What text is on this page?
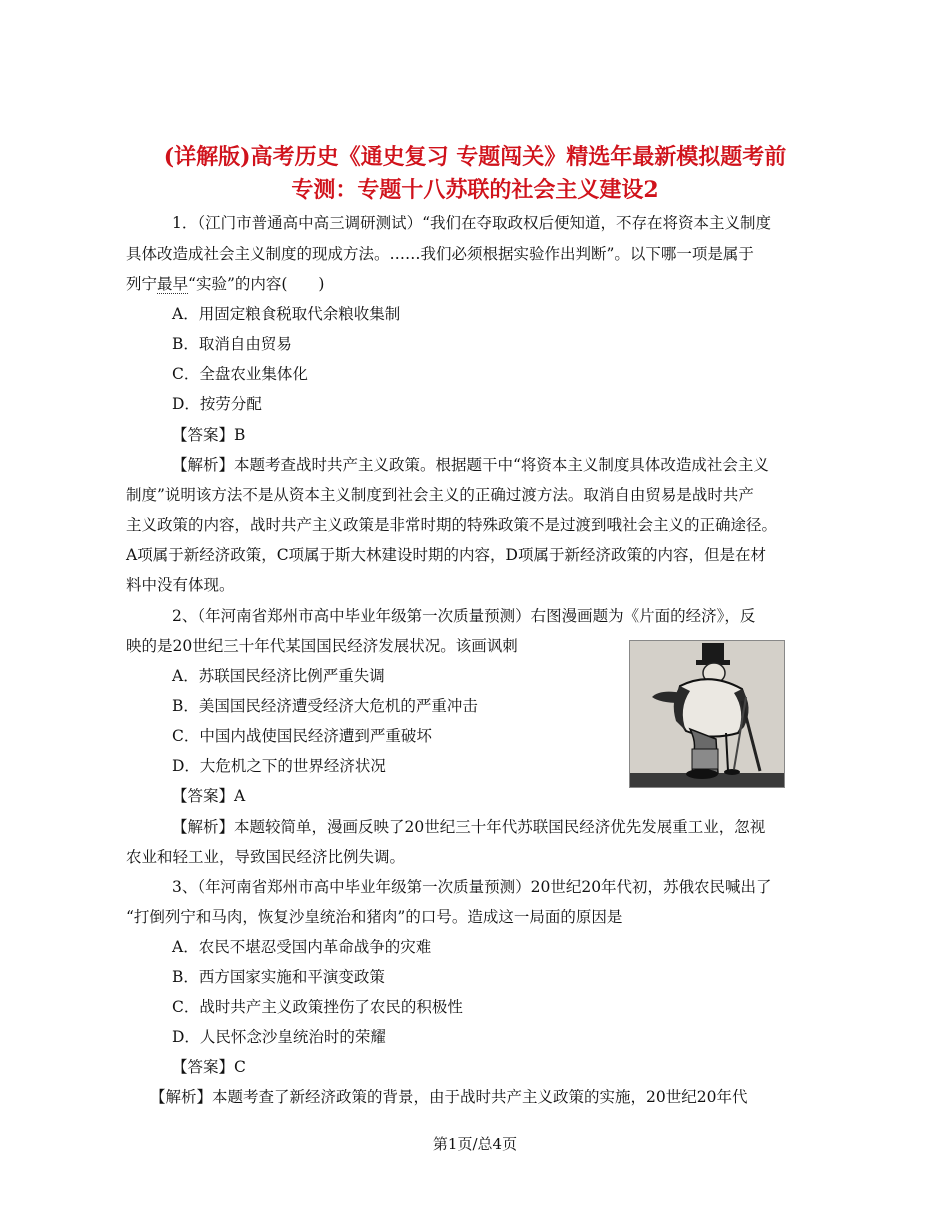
(详解版)高考历史《通史复习 专题闯关》精选年最新模拟题考前
专测：专题十八苏联的社会主义建设2
1．（江门市普通高中高三调研测试）“我们在夺取政权后便知道，不存在将资本主义制度
具体改造成社会主义制度的现成方法。……我们必须根据实验作出判断”。以下哪一项是属于
列宁最早“实验”的内容(　　)
A．用固定粮食税取代余粮收集制
B．取消自由贸易
C．全盘农业集体化
D．按劳分配
【答案】B
【解析】本题考查战时共产主义政策。根据题干中“将资本主义制度具体改造成社会主义
制度”说明该方法不是从资本主义制度到社会主义的正确过渡方法。取消自由贸易是战时共产
主义政策的内容，战时共产主义政策是非常时期的特殊政策不是过渡到哦社会主义的正确途径。
A项属于新经济政策，C项属于斯大林建设时期的内容，D项属于新经济政策的内容，但是在材
料中没有体现。
2、（年河南省郑州市高中毕业年级第一次质量预测）右图漫画题为《片面的经济》，反
映的是20世纪三十年代某国国民经济发展状况。该画讽刺
A．苏联国民经济比例严重失调
B．美国国民经济遭受经济大危机的严重冲击
C．中国内战使国民经济遭到严重破坏
D．大危机之下的世界经济状况
【答案】A
【解析】本题较简单，漫画反映了20世纪三十年代苏联国民经济优先发展重工业，忽视
农业和轻工业，导致国民经济比例失调。
3、（年河南省郑州市高中毕业年级第一次质量预测）20世纪20年代初，苏俄农民喊出了
“打倒列宁和马肉，恢复沙皇统治和猪肉”的口号。造成这一局面的原因是
A．农民不堪忍受国内革命战争的灾难
B．西方国家实施和平演变政策
C．战时共产主义政策挫伤了农民的积极性
D．人民怀念沙皇统治时的荣耀
【答案】C
【解析】本题考查了新经济政策的背景，由于战时共产主义政策的实施，20世纪20年代
第1页/总4页
